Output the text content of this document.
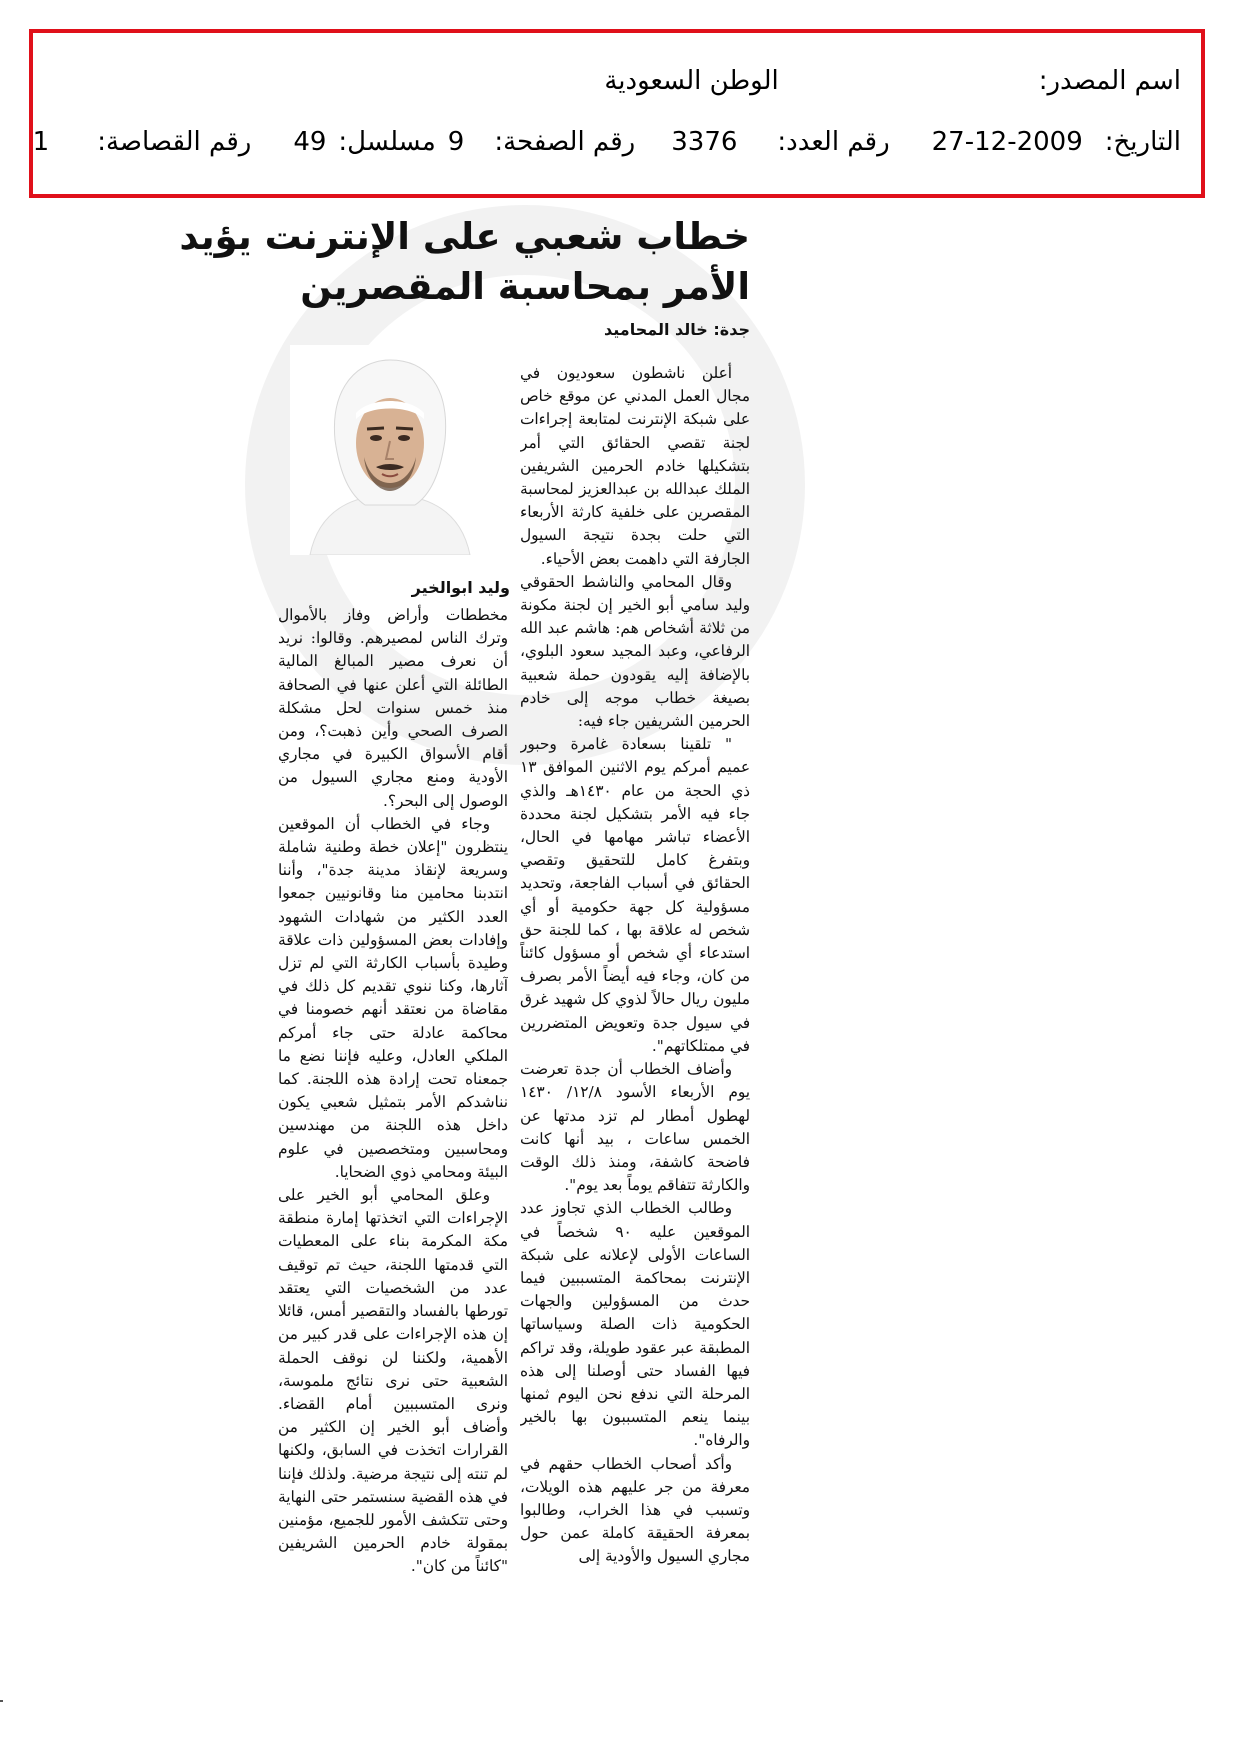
اسم المصدر:
الوطن السعودية
التاريخ:
27-12-2009
رقم العدد:
3376
رقم الصفحة:
9
مسلسل:
49
رقم القصاصة:
1
خطاب شعبي على الإنترنت يؤيد
الأمر بمحاسبة المقصرين
جدة: خالد المحاميد
وليد ابوالخير

أعلن ناشطون سعوديون في مجال العمل المدني عن موقع خاص على شبكة الإنترنت لمتابعة إجراءات لجنة تقصي الحقائق التي أمر بتشكيلها خادم الحرمين الشريفين الملك عبدالله بن عبدالعزيز لمحاسبة المقصرين على خلفية كارثة الأربعاء التي حلت بجدة نتيجة السيول الجارفة التي داهمت بعض الأحياء.

وقال المحامي والناشط الحقوقي وليد سامي أبو الخير إن لجنة مكونة من ثلاثة أشخاص هم: هاشم عبد الله الرفاعي، وعبد المجيد سعود البلوي، بالإضافة إليه يقودون حملة شعبية بصيغة خطاب موجه إلى خادم الحرمين الشريفين جاء فيه:

" تلقينا بسعادة غامرة وحبور عميم أمركم يوم الاثنين الموافق ١٣ ذي الحجة من عام ١٤٣٠هـ والذي جاء فيه الأمر بتشكيل لجنة محددة الأعضاء تباشر مهامها في الحال، وبتفرغ كامل للتحقيق وتقصي الحقائق في أسباب الفاجعة، وتحديد مسؤولية كل جهة حكومية أو أي شخص له علاقة بها ، كما للجنة حق استدعاء أي شخص أو مسؤول كائناً من كان، وجاء فيه أيضاً الأمر بصرف مليون ريال حالاً لذوي كل شهيد غرق في سيول جدة وتعويض المتضررين في ممتلكاتهم".

وأضاف الخطاب أن جدة تعرضت يوم الأربعاء الأسود ١٢/٨/ ١٤٣٠ لهطول أمطار لم تزد مدتها عن الخمس ساعات ، بيد أنها كانت فاضحة كاشفة، ومنذ ذلك الوقت والكارثة تتفاقم يوماً بعد يوم".

وطالب الخطاب الذي تجاوز عدد الموقعين عليه ٩٠ شخصاً في الساعات الأولى لإعلانه على شبكة الإنترنت بمحاكمة المتسببين فيما حدث من المسؤولين والجهات الحكومية ذات الصلة وسياساتها المطبقة عبر عقود طويلة، وقد تراكم فيها الفساد حتى أوصلنا إلى هذه المرحلة التي ندفع نحن اليوم ثمنها بينما ينعم المتسببون بها بالخير والرفاه".

وأكد أصحاب الخطاب حقهم في معرفة من جر عليهم هذه الويلات، وتسبب في هذا الخراب، وطالبوا بمعرفة الحقيقة كاملة عمن حول مجاري السيول والأودية إلى

مخططات وأراض وفاز بالأموال وترك الناس لمصيرهم. وقالوا: نريد أن نعرف مصير المبالغ المالية الطائلة التي أعلن عنها في الصحافة منذ خمس سنوات لحل مشكلة الصرف الصحي وأين ذهبت؟، ومن أقام الأسواق الكبيرة في مجاري الأودية ومنع مجاري السيول من الوصول إلى البحر؟.

وجاء في الخطاب أن الموقعين ينتظرون "إعلان خطة وطنية شاملة وسريعة لإنقاذ مدينة جدة"، وأننا انتدبنا محامين منا وقانونيين جمعوا العدد الكثير من شهادات الشهود وإفادات بعض المسؤولين ذات علاقة وطيدة بأسباب الكارثة التي لم تزل آثارها، وكنا ننوي تقديم كل ذلك في مقاضاة من نعتقد أنهم خصومنا في محاكمة عادلة حتى جاء أمركم الملكي العادل، وعليه فإننا نضع ما جمعناه تحت إرادة هذه اللجنة. كما نناشدكم الأمر بتمثيل شعبي يكون داخل هذه اللجنة من مهندسين ومحاسبين ومتخصصين في علوم البيئة ومحامي ذوي الضحايا.

وعلق المحامي أبو الخير على الإجراءات التي اتخذتها إمارة منطقة مكة المكرمة بناء على المعطيات التي قدمتها اللجنة، حيث تم توقيف عدد من الشخصيات التي يعتقد تورطها بالفساد والتقصير أمس، قائلا إن هذه الإجراءات على قدر كبير من الأهمية، ولكننا لن نوقف الحملة الشعبية حتى نرى نتائج ملموسة، ونرى المتسببين أمام القضاء. وأضاف أبو الخير إن الكثير من القرارات اتخذت في السابق، ولكنها لم تنته إلى نتيجة مرضية. ولذلك فإننا في هذه القضية سنستمر حتى النهاية وحتى تتكشف الأمور للجميع، مؤمنين بمقولة خادم الحرمين الشريفين "كائناً من كان".
